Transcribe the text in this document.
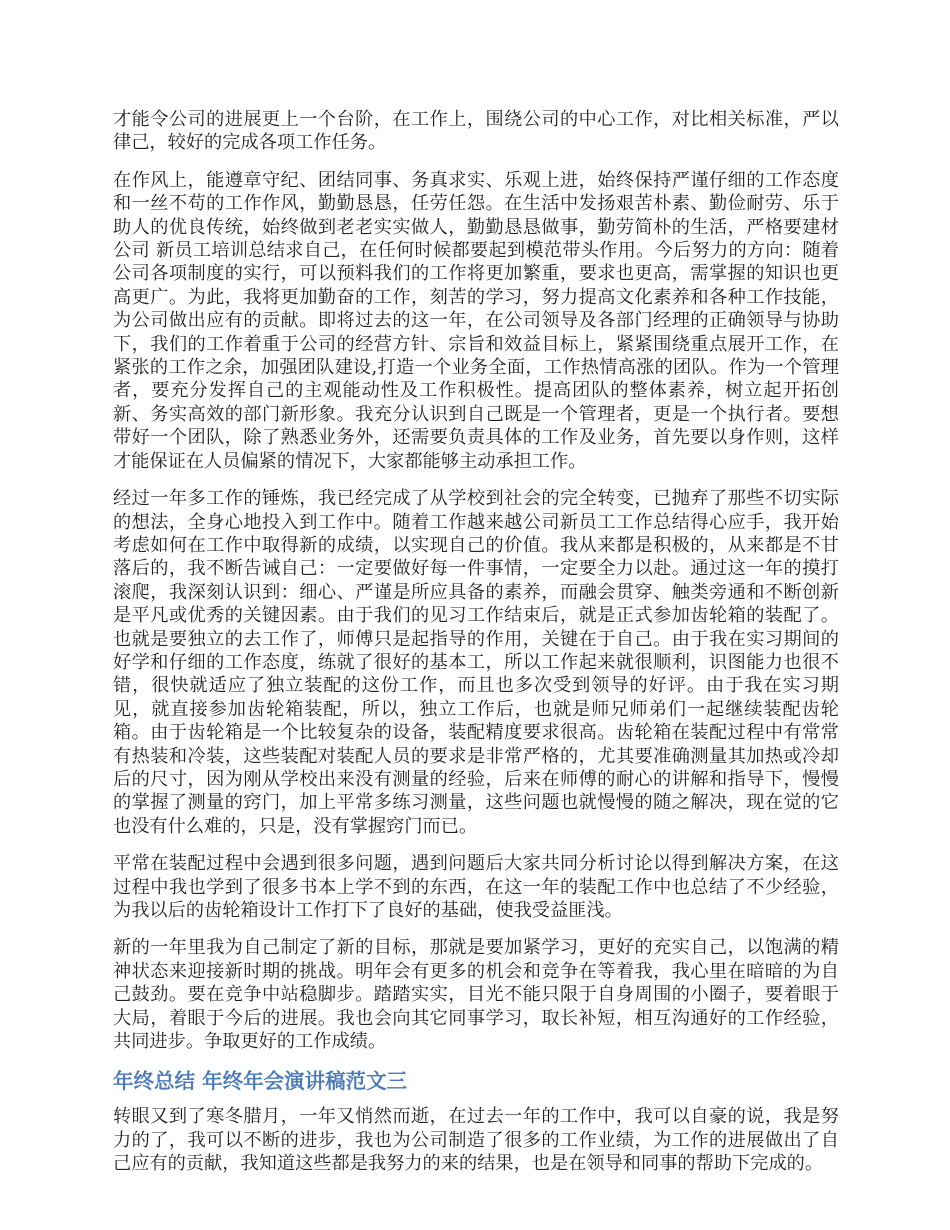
才能令公司的进展更上一个台阶，在工作上，围绕公司的中心工作，对比相关标准，严以律己，较好的完成各项工作任务。

在作风上，能遵章守纪、团结同事、务真求实、乐观上进，始终保持严谨仔细的工作态度和一丝不苟的工作作风，勤勤恳恳，任劳任怨。在生活中发扬艰苦朴素、勤俭耐劳、乐于助人的优良传统，始终做到老老实实做人，勤勤恳恳做事，勤劳简朴的生活，严格要建材公司 新员工培训总结求自己，在任何时候都要起到模范带头作用。今后努力的方向：随着公司各项制度的实行，可以预料我们的工作将更加繁重，要求也更高，需掌握的知识也更高更广。为此，我将更加勤奋的工作，刻苦的学习，努力提高文化素养和各种工作技能， 为公司做出应有的贡献。即将过去的这一年，在公司领导及各部门经理的正确领导与协助下，我们的工作着重于公司的经营方针、宗旨和效益目标上，紧紧围绕重点展开工作，在紧张的工作之余，加强团队建设,打造一个业务全面，工作热情高涨的团队。作为一个管理者，要充分发挥自己的主观能动性及工作积极性。提高团队的整体素养，树立起开拓创新、务实高效的部门新形象。我充分认识到自己既是一个管理者，更是一个执行者。要想带好一个团队，除了熟悉业务外，还需要负责具体的工作及业务，首先要以身作则，这样才能保证在人员偏紧的情况下，大家都能够主动承担工作。

经过一年多工作的锤炼，我已经完成了从学校到社会的完全转变，已抛弃了那些不切实际的想法，全身心地投入到工作中。随着工作越来越公司新员工工作总结得心应手，我开始考虑如何在工作中取得新的成绩，以实现自己的价值。我从来都是积极的，从来都是不甘落后的，我不断告诫自己：一定要做好每一件事情，一定要全力以赴。通过这一年的摸打滚爬，我深刻认识到：细心、严谨是所应具备的素养，而融会贯穿、触类旁通和不断创新是平凡或优秀的关键因素。由于我们的见习工作结束后，就是正式参加齿轮箱的装配了。也就是要独立的去工作了，师傅只是起指导的作用，关键在于自己。由于我在实习期间的好学和仔细的工作态度，练就了很好的基本工，所以工作起来就很顺利，识图能力也很不错，很快就适应了独立装配的这份工作，而且也多次受到领导的好评。由于我在实习期见，就直接参加齿轮箱装配，所以，独立工作后，也就是师兄师弟们一起继续装配齿轮箱。由于齿轮箱是一个比较复杂的设备，装配精度要求很高。齿轮箱在装配过程中有常常有热装和冷装，这些装配对装配人员的要求是非常严格的，尤其要准确测量其加热或冷却后的尺寸，因为刚从学校出来没有测量的经验，后来在师傅的耐心的讲解和指导下，慢慢的掌握了测量的窍门，加上平常多练习测量，这些问题也就慢慢的随之解决，现在觉的它也没有什么难的，只是，没有掌握窍门而已。

平常在装配过程中会遇到很多问题，遇到问题后大家共同分析讨论以得到解决方案，在这过程中我也学到了很多书本上学不到的东西，在这一年的装配工作中也总结了不少经验，为我以后的齿轮箱设计工作打下了良好的基础，使我受益匪浅。

新的一年里我为自己制定了新的目标，那就是要加紧学习，更好的充实自己，以饱满的精神状态来迎接新时期的挑战。明年会有更多的机会和竞争在等着我，我心里在暗暗的为自己鼓劲。要在竞争中站稳脚步。踏踏实实，目光不能只限于自身周围的小圈子，要着眼于大局，着眼于今后的进展。我也会向其它同事学习，取长补短，相互沟通好的工作经验，共同进步。争取更好的工作成绩。

年终总结 年终年会演讲稿范文三

转眼又到了寒冬腊月，一年又悄然而逝，在过去一年的工作中，我可以自豪的说，我是努力的了，我可以不断的进步，我也为公司制造了很多的工作业绩，为工作的进展做出了自己应有的贡献，我知道这些都是我努力的来的结果，也是在领导和同事的帮助下完成的。
